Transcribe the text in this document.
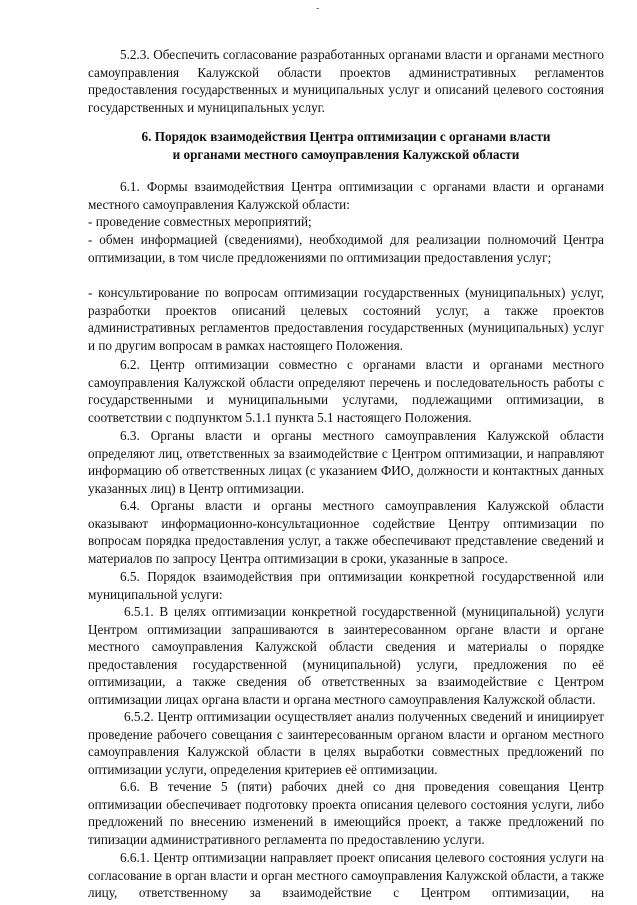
-

5.2.3. Обеспечить согласование разработанных органами власти и органами местного самоуправления Калужской области проектов административных регламентов предоставления государственных и муниципальных услуг и описаний целевого состояния государственных и муниципальных услуг.

6. Порядок взаимодействия Центра оптимизации с органами власти
и органами местного самоуправления Калужской области

6.1. Формы взаимодействия Центра оптимизации с органами власти и органами местного самоуправления Калужской области:

- проведение совместных мероприятий;

- обмен информацией (сведениями), необходимой для реализации полномочий Центра оптимизации, в том числе предложениями по оптимизации предоставления услуг;

- консультирование по вопросам оптимизации государственных (муниципальных) услуг, разработки проектов описаний целевых состояний услуг, а также проектов административных регламентов предоставления государственных (муниципальных) услуг и по другим вопросам в рамках настоящего Положения.

6.2. Центр оптимизации совместно с органами власти и органами местного самоуправления Калужской области определяют перечень и последовательность работы с государственными и муниципальными услугами, подлежащими оптимизации, в соответствии с подпунктом 5.1.1 пункта 5.1 настоящего Положения.

6.3. Органы власти и органы местного самоуправления Калужской области определяют лиц, ответственных за взаимодействие с Центром оптимизации, и направляют информацию об ответственных лицах (с указанием ФИО, должности и контактных данных указанных лиц) в Центр оптимизации.

6.4. Органы власти и органы местного самоуправления Калужской области оказывают информационно-консультационное содействие Центру оптимизации по вопросам порядка предоставления услуг, а также обеспечивают представление сведений и материалов по запросу Центра оптимизации в сроки, указанные в запросе.

6.5. Порядок взаимодействия при оптимизации конкретной государственной или муниципальной услуги:

6.5.1. В целях оптимизации конкретной государственной (муниципальной) услуги Центром оптимизации запрашиваются в заинтересованном органе власти и органе местного самоуправления Калужской области сведения и материалы о порядке предоставления государственной (муниципальной) услуги, предложения по её оптимизации, а также сведения об ответственных за взаимодействие с Центром оптимизации лицах органа власти и органа местного самоуправления Калужской области.

6.5.2. Центр оптимизации осуществляет анализ полученных сведений и инициирует проведение рабочего совещания с заинтересованным органом власти и органом местного самоуправления Калужской области в целях выработки совместных предложений по оптимизации услуги, определения критериев её оптимизации.

6.6. В течение 5 (пяти) рабочих дней со дня проведения совещания Центр оптимизации обеспечивает подготовку проекта описания целевого состояния услуги, либо предложений по внесению изменений в имеющийся проект, а также предложений по типизации административного регламента по предоставлению услуги.

6.6.1. Центр оптимизации направляет проект описания целевого состояния услуги на согласование в орган власти и орган местного самоуправления Калужской области, а также лицу, ответственному за взаимодействие с Центром оптимизации, на
